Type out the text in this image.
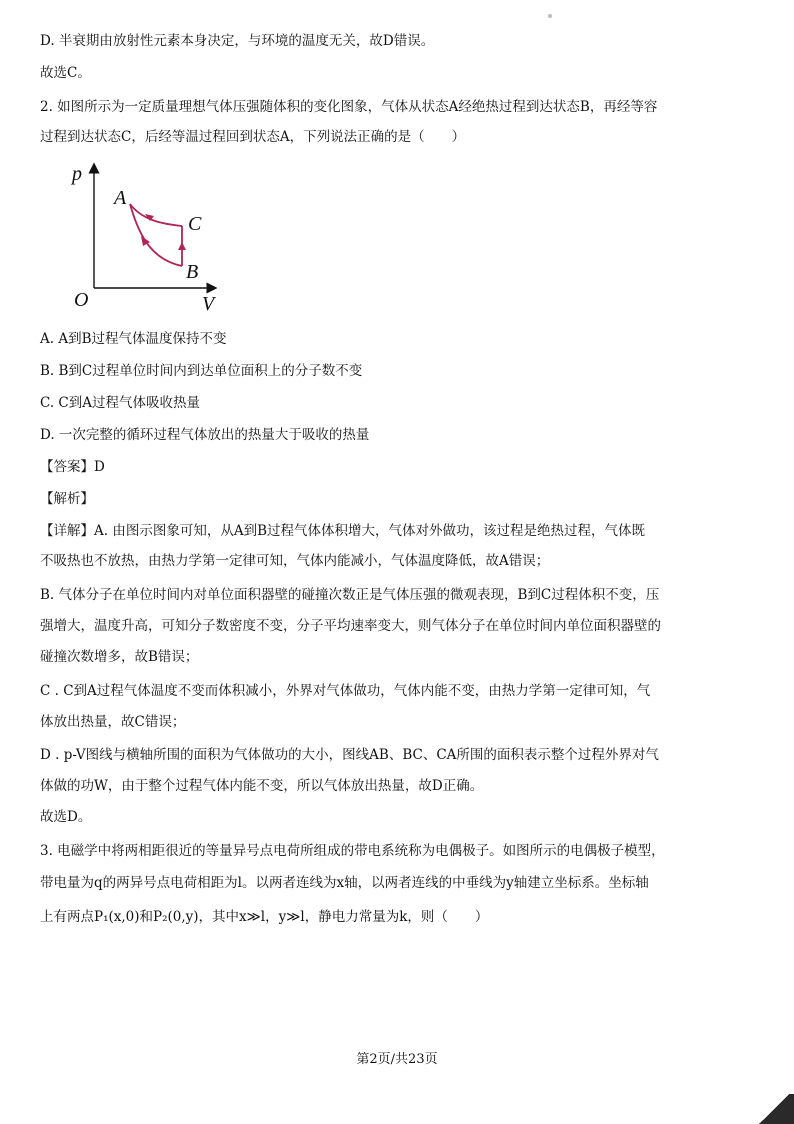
D. 半衰期由放射性元素本身决定，与环境的温度无关，故D错误。

故选C。

2. 如图所示为一定质量理想气体压强随体积的变化图象，气体从状态A经绝热过程到达状态B，再经等容

过程到达状态C，后经等温过程回到状态A，下列说法正确的是（　　）

p
V
O
A
B
C

A. A到B过程气体温度保持不变

B. B到C过程单位时间内到达单位面积上的分子数不变

C. C到A过程气体吸收热量

D. 一次完整的循环过程气体放出的热量大于吸收的热量

【答案】D

【解析】

【详解】A. 由图示图象可知，从A到B过程气体体积增大，气体对外做功，该过程是绝热过程，气体既

不吸热也不放热，由热力学第一定律可知，气体内能减小，气体温度降低，故A错误；

B. 气体分子在单位时间内对单位面积器壁的碰撞次数正是气体压强的微观表现，B到C过程体积不变，压

强增大，温度升高，可知分子数密度不变，分子平均速率变大，则气体分子在单位时间内单位面积器壁的

碰撞次数增多，故B错误；

C . C到A过程气体温度不变而体积减小，外界对气体做功，气体内能不变，由热力学第一定律可知，气

体放出热量，故C错误；

D . p-V图线与横轴所围的面积为气体做功的大小，图线AB、BC、CA所围的面积表示整个过程外界对气

体做的功W，由于整个过程气体内能不变，所以气体放出热量，故D正确。

故选D。

3. 电磁学中将两相距很近的等量异号点电荷所组成的带电系统称为电偶极子。如图所示的电偶极子模型，

带电量为q的两异号点电荷相距为l。以两者连线为x轴，以两者连线的中垂线为y轴建立坐标系。坐标轴

上有两点P₁(x,0)和P₂(0,y)，其中x≫l，y≫l，静电力常量为k，则（　　）

第2页/共23页
